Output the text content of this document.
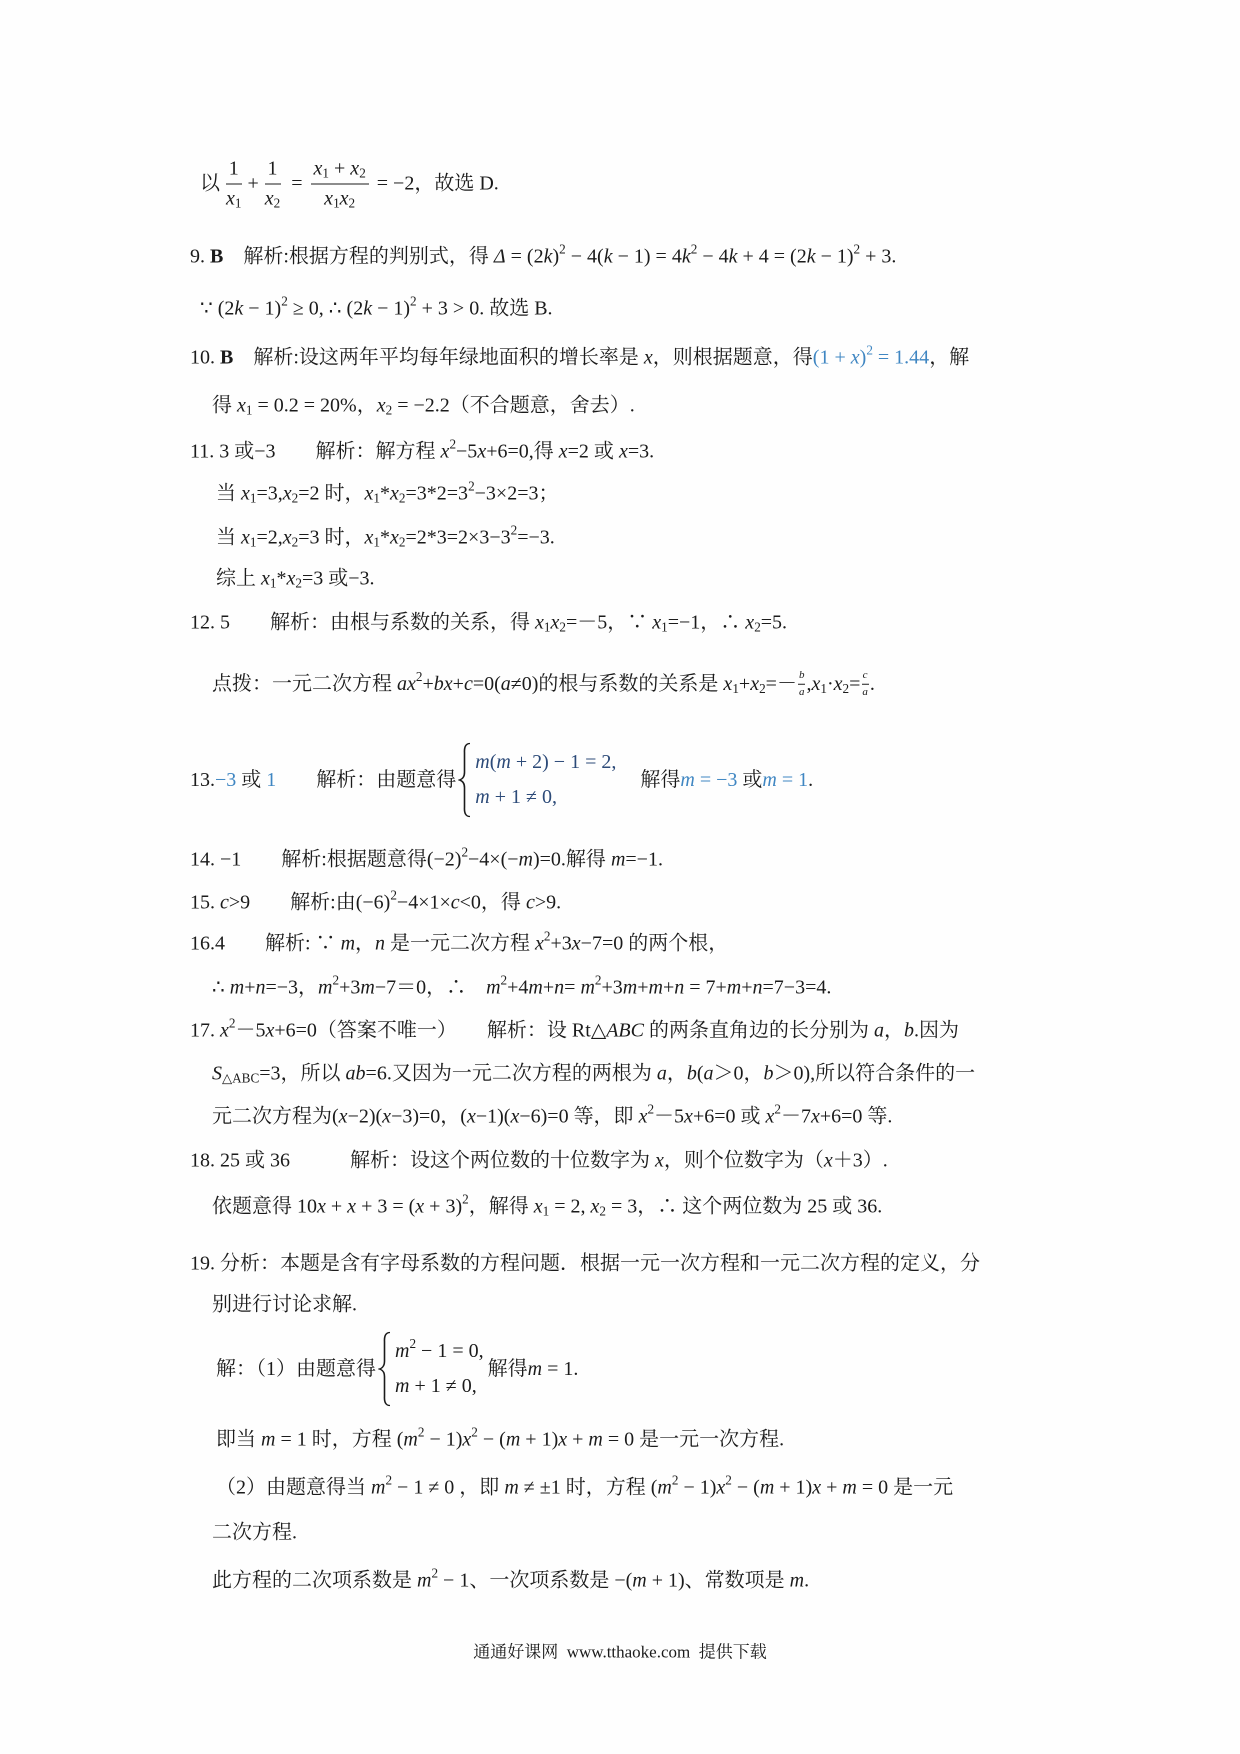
以 $\frac{1}{x 1} + \frac{1}{x 2} = \frac{x 1 + x 2}{x 1 x 2} = -2$，故选 D.
9. B 　解析:根据方程的判别式，得 Δ = (2 k ) 2 − 4( k − 1) = 4 k 2 − 4 k + 4 = (2 k − 1) 2 + 3.
∵ (2 k − 1) 2 ≥ 0, ∴ (2 k − 1) 2 + 3 > 0. 故选 B.
10. B 　解析:设这两年平均每年绿地面积的增长率是 x ，则根据题意，得 (1 + x ) 2 = 1.44 ，解
得 x 1 = 0.2 = 20%， x 2 = −2.2（不合题意，舍去）.
11. 3 或−3　　解析：解方程 x 2 −5 x +6=0,得 x =2 或 x =3.
当 x 1 =3, x 2 =2 时， x 1 * x 2 =3*2=3 2 −3×2=3；
当 x 1 =2, x 2 =3 时， x 1 * x 2 =2*3=2×3−3 2 =−3.
综上 x 1 * x 2 =3 或−3.
12. 5　　解析：由根与系数的关系，得 x 1 x 2 =－5，∵ x 1 =−1，∴ x 2 =5.
点拨：一元二次方程 ax 2 + bx + c =0( a ≠0)的根与系数的关系是 x 1 + x $2 =- \frac{b}{a}$ , x 1 · x $2 = \frac{c}{a}$ .
13. −3 或 1 　　解析：由题意得
m ( m + 2) − 1 = 2,
m + 1 ≠ 0,
　解得 m = −3 或 m = 1 .
14. −1　　解析:根据题意得(−2) 2 −4×(− m )=0.解得 m =−1.
15. c >9　　解析:由(−6) 2 −4×1× c <0，得 c >9.
16.4　　解析: ∵ m ， n 是一元二次方程 x 2 +3 x −7=0 的两个根，
∴ m + n =−3， m 2 +3 m −7＝0，∴　 m 2 +4 m + n = m 2 +3 m + m + n = 7+ m + n =7−3=4.
17. x 2 －5 x +6=0（答案不唯一）　　解析：设 Rt△ ABC 的两条直角边的长分别为 a ， b .因为
S △ABC =3，所以 ab =6.又因为一元二次方程的两根为 a ， b ( a ＞0， b ＞0),所以符合条件的一
元二次方程为( x −2)( x −3)=0，( x −1)( x −6)=0 等，即 x 2 －5 x +6=0 或 x 2 －7 x +6=0 等.
18. 25 或 36　　　解析：设这个两位数的十位数字为 x ，则个位数字为（ x ＋3）.
依题意得 10 x + x + 3 = ( x + 3) 2 ，解得 x 1 = 2, x 2 = 3，∴ 这个两位数为 25 或 36.
19. 分析：本题是含有字母系数的方程问题．根据一元一次方程和一元二次方程的定义，分
别进行讨论求解.
解：（1）由题意得
m 2 − 1 = 0,
m + 1 ≠ 0,
解得 m = 1.
即当 m = 1 时，方程 ( m 2 − 1) x 2 − ( m + 1) x + m = 0 是一元一次方程.
（2）由题意得当 m 2 − 1 ≠ 0 ，即 m ≠ ±1 时，方程 ( m 2 − 1) x 2 − ( m + 1) x + m = 0 是一元
二次方程.
此方程的二次项系数是 m 2 − 1、一次项系数是 −( m + 1)、常数项是 m .
通通好课网  www.tthaoke.com  提供下载
